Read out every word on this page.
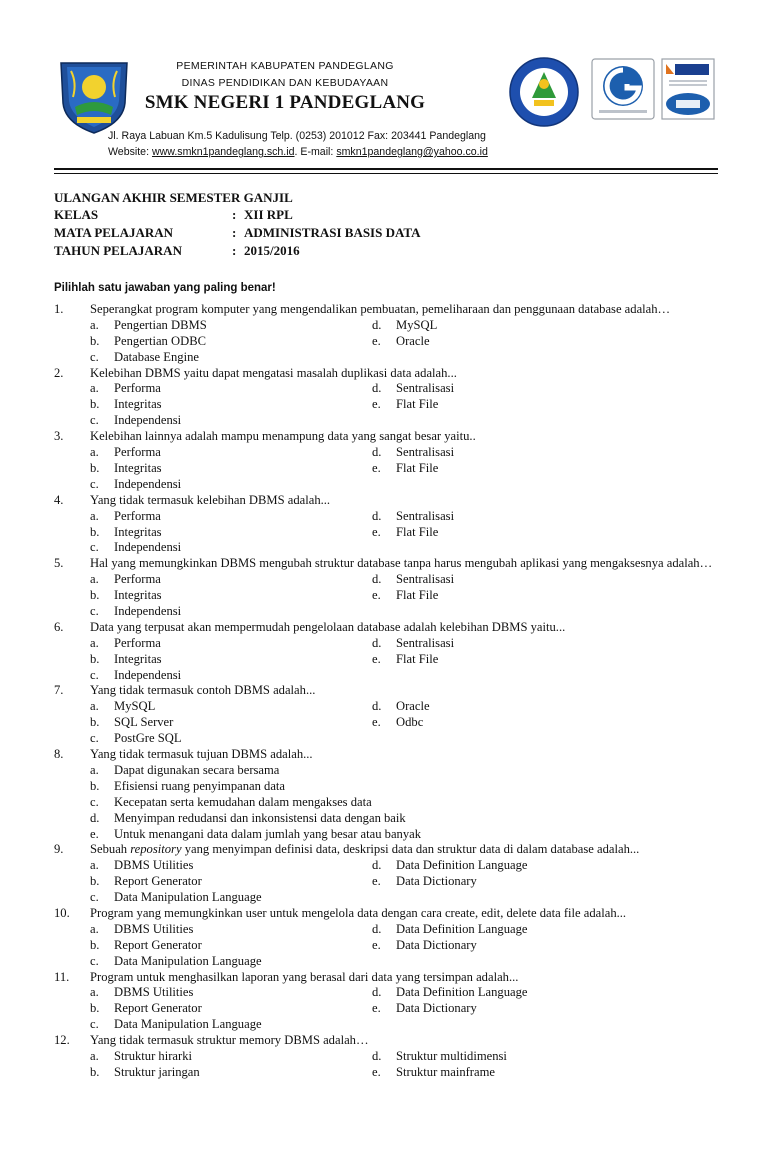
PEMERINTAH KABUPATEN PANDEGLANG
DINAS PENDIDIKAN DAN KEBUDAYAAN
SMK NEGERI 1 PANDEGLANG
Jl. Raya Labuan Km.5 Kadulisung Telp. (0253) 201012 Fax: 203441 Pandeglang
Website: www.smkn1pandeglang.sch.id. E-mail: smkn1pandeglang@yahoo.co.id
ULANGAN AKHIR SEMESTER GANJIL
KELAS	: XII RPL
MATA PELAJARAN	: ADMINISTRASI BASIS DATA
TAHUN PELAJARAN	: 2015/2016
Pilihlah satu jawaban yang paling benar!
1. Seperangkat program komputer yang mengendalikan pembuatan, pemeliharaan dan penggunaan database adalah…
a. Pengertian DBMS	d. MySQL
b. Pengertian ODBC	e. Oracle
c. Database Engine
2. Kelebihan DBMS yaitu dapat mengatasi masalah duplikasi data adalah...
a. Performa	d. Sentralisasi
b. Integritas	e. Flat File
c. Independensi
3. Kelebihan lainnya adalah mampu menampung data yang sangat besar yaitu..
a. Performa	d. Sentralisasi
b. Integritas	e. Flat File
c. Independensi
4. Yang tidak termasuk kelebihan DBMS adalah...
a. Performa	d. Sentralisasi
b. Integritas	e. Flat File
c. Independensi
5. Hal yang memungkinkan DBMS mengubah struktur database tanpa harus mengubah aplikasi yang mengaksesnya adalah…
a. Performa	d. Sentralisasi
b. Integritas	e. Flat File
c. Independensi
6. Data yang terpusat akan mempermudah pengelolaan database adalah kelebihan DBMS yaitu...
a. Performa	d. Sentralisasi
b. Integritas	e. Flat File
c. Independensi
7. Yang tidak termasuk contoh DBMS adalah...
a. MySQL	d. Oracle
b. SQL Server	e. Odbc
c. PostGre SQL
8. Yang tidak termasuk tujuan DBMS adalah...
a. Dapat digunakan secara bersama
b. Efisiensi ruang penyimpanan data
c. Kecepatan serta kemudahan dalam mengakses data
d. Menyimpan redudansi dan inkonsistensi data dengan baik
e. Untuk menangani data dalam jumlah yang besar atau banyak
9. Sebuah repository yang menyimpan definisi data, deskripsi data dan struktur data di dalam database adalah...
a. DBMS Utilities	d. Data Definition Language
b. Report Generator	e. Data Dictionary
c. Data Manipulation Language
10. Program yang memungkinkan user untuk mengelola data dengan cara create, edit, delete data file adalah...
a. DBMS Utilities	d. Data Definition Language
b. Report Generator	e. Data Dictionary
c. Data Manipulation Language
11. Program untuk menghasilkan laporan yang berasal dari data yang tersimpan adalah...
a. DBMS Utilities	d. Data Definition Language
b. Report Generator	e. Data Dictionary
c. Data Manipulation Language
12. Yang tidak termasuk struktur memory DBMS adalah…
a. Struktur hirarki	d. Struktur multidimensi
b. Struktur jaringan	e. Struktur mainframe
